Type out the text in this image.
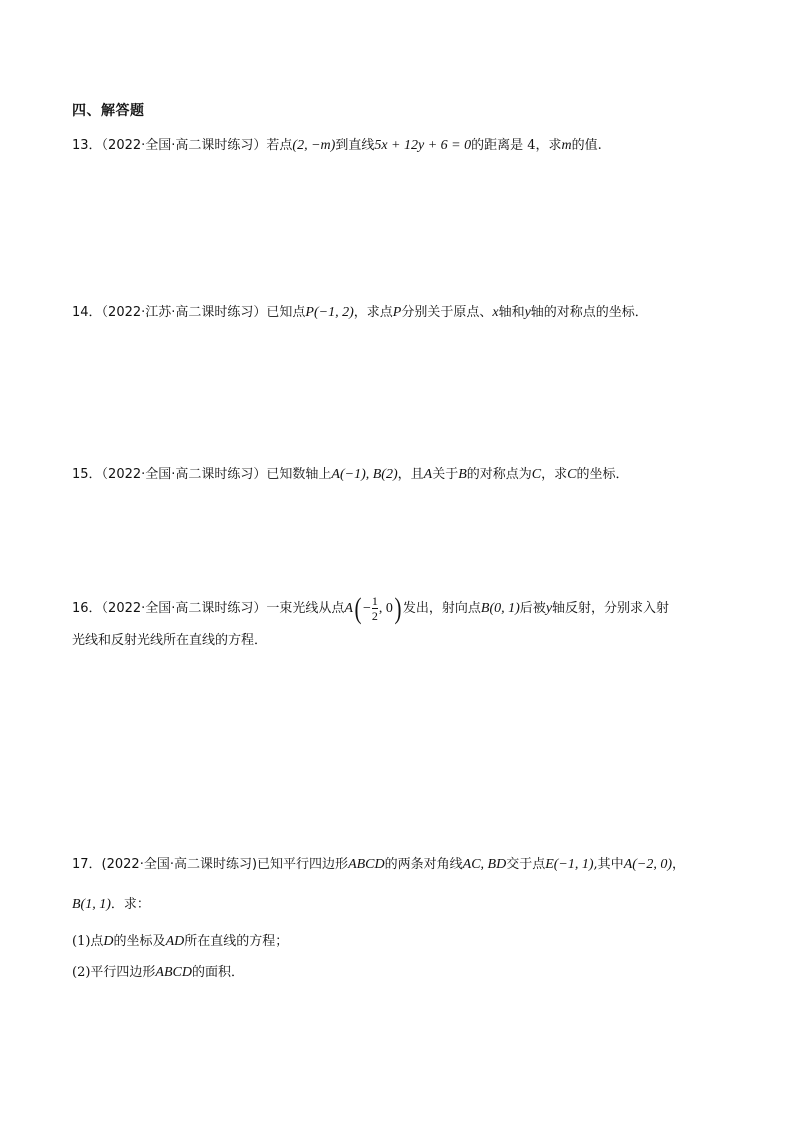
四、解答题
13．（2022·全国·高二课时练习）若点(2, −m)到直线5x + 12y + 6 = 0的距离是 4，求m的值.
14．（2022·江苏·高二课时练习）已知点P(−1, 2)，求点P分别关于原点、x轴和y轴的对称点的坐标．
15．（2022·全国·高二课时练习）已知数轴上A(−1), B(2)，且A关于B的对称点为C，求C的坐标．
16．（2022·全国·高二课时练习）一束光线从点$A( - \frac{1}{2}$ , 0) 发出，射向点B(0, 1)后被y轴反射，分别求入射
光线和反射光线所在直线的方程．
17．(2022·全国·高二课时练习)已知平行四边形ABCD的两条对角线AC, BD交于点E(−1, 1),其中A(−2, 0)，
B(1, 1)．求：
(1)点D的坐标及AD所在直线的方程；
(2)平行四边形ABCD的面积．
